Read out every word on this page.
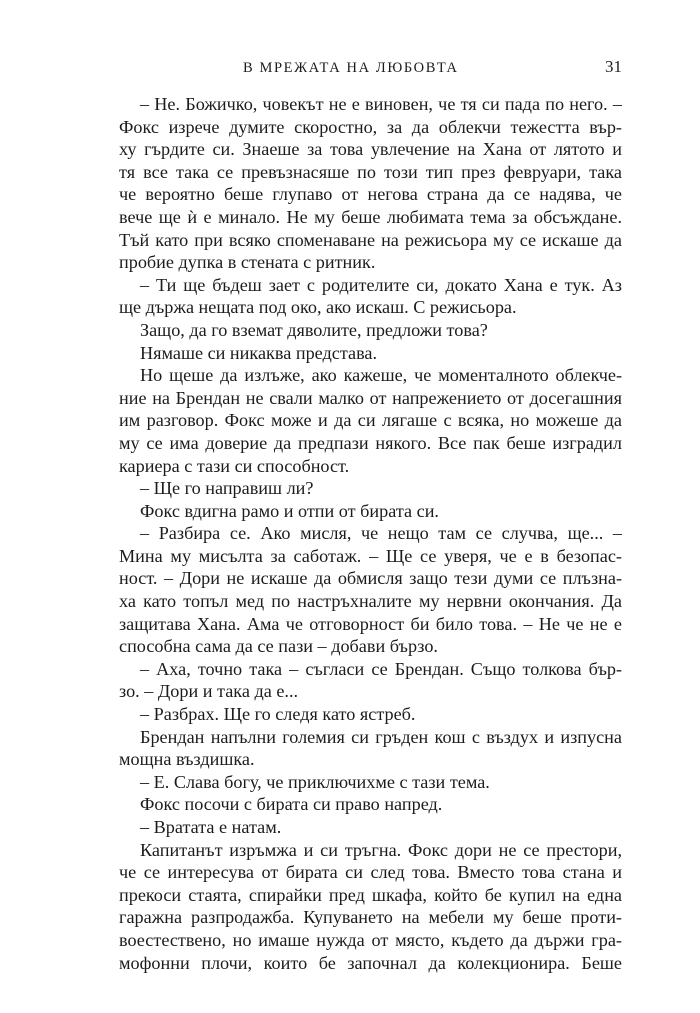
В МРЕЖАТА НА ЛЮБОВТА	31
– Не. Божичко, човекът не е виновен, че тя си пада по него. –
Фокс изрече думите скоростно, за да облекчи тежестта вър-
ху гърдите си. Знаеше за това увлечение на Хана от лятото и
тя все така се превъзнасяше по този тип през февруари, така
че вероятно беше глупаво от негова страна да се надява, че
вече ще ѝ е минало. Не му беше любимата тема за обсъждане.
Тъй като при всяко споменаване на режисьора му се искаше да
пробие дупка в стената с ритник.
– Ти ще бъдеш зает с родителите си, докато Хана е тук. Аз
ще държа нещата под око, ако искаш. С режисьора.
Защо, да го вземат дяволите, предложи това?
Нямаше си никаква представа.
Но щеше да излъже, ако кажеше, че моменталното облекче-
ние на Брендан не свали малко от напрежението от досегашния
им разговор. Фокс може и да си лягаше с всяка, но можеше да
му се има доверие да предпази някого. Все пак беше изградил
кариера с тази си способност.
– Ще го направиш ли?
Фокс вдигна рамо и отпи от бирата си.
– Разбира се. Ако мисля, че нещо там се случва, ще... –
Мина му мисълта за саботаж. – Ще се уверя, че е в безопас-
ност. – Дори не искаше да обмисля защо тези думи се плъзна-
ха като топъл мед по настръхналите му нервни окончания. Да
защитава Хана. Ама че отговорност би било това. – Не че не е
способна сама да се пази – добави бързо.
– Аха, точно така – съгласи се Брендан. Също толкова бър-
зо. – Дори и така да е...
– Разбрах. Ще го следя като ястреб.
Брендан напълни големия си гръден кош с въздух и изпусна
мощна въздишка.
– Е. Слава богу, че приключихме с тази тема.
Фокс посочи с бирата си право напред.
– Вратата е натам.
Капитанът изръмжа и си тръгна. Фокс дори не се престори,
че се интересува от бирата си след това. Вместо това стана и
прекоси стаята, спирайки пред шкафа, който бе купил на една
гаражна разпродажба. Купуването на мебели му беше проти-
воестествено, но имаше нужда от място, където да държи гра-
мофонни плочи, които бе започнал да колекционира. Беше
